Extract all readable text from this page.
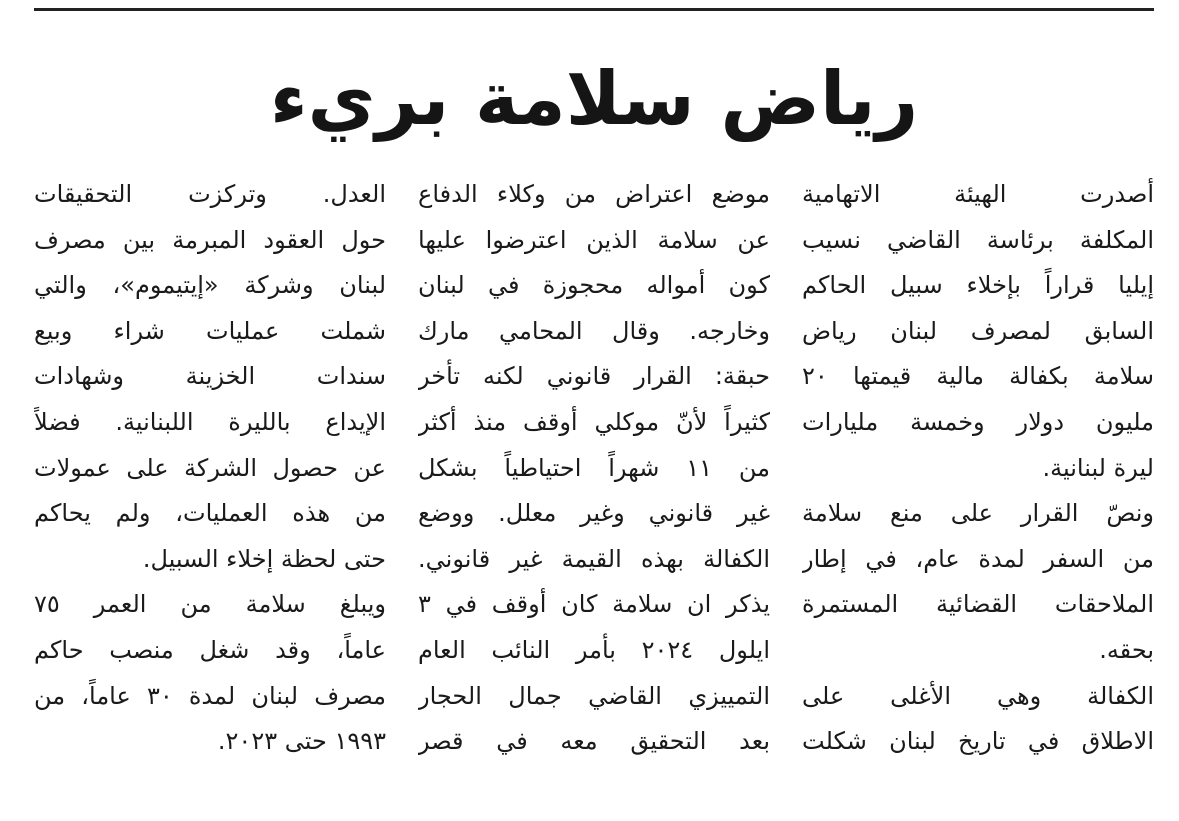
رياض سلامة بريء
أصدرت الهيئة الاتهامية
المكلفة برئاسة القاضي نسيب
إيليا قراراً بإخلاء سبيل الحاكم
السابق لمصرف لبنان رياض
سلامة بكفالة مالية قيمتها ٢٠
مليون دولار وخمسة مليارات
ليرة لبنانية.
ونصّ القرار على منع سلامة
من السفر لمدة عام، في إطار
الملاحقات القضائية المستمرة
بحقه.
الكفالة وهي الأغلى على
الاطلاق في تاريخ لبنان شكلت
موضع اعتراض من وكلاء الدفاع
عن سلامة الذين اعترضوا عليها
كون أمواله محجوزة في لبنان
وخارجه. وقال المحامي مارك
حبقة: القرار قانوني لكنه تأخر
كثيراً لأنّ موكلي أوقف منذ أكثر
من ١١ شهراً احتياطياً بشكل
غير قانوني وغير معلل. ووضع
الكفالة بهذه القيمة غير قانوني.
يذكر ان سلامة كان أوقف في ٣
ايلول ٢٠٢٤ بأمر النائب العام
التمييزي القاضي جمال الحجار
بعد التحقيق معه في قصر
العدل. وتركزت التحقيقات
حول العقود المبرمة بين مصرف
لبنان وشركة «إيتيموم»، والتي
شملت عمليات شراء وبيع
سندات الخزينة وشهادات
الإيداع بالليرة اللبنانية. فضلاً
عن حصول الشركة على عمولات
من هذه العمليات، ولم يحاكم
حتى لحظة إخلاء السبيل.
ويبلغ سلامة من العمر ٧٥
عاماً، وقد شغل منصب حاكم
مصرف لبنان لمدة ٣٠ عاماً، من
١٩٩٣ حتى ٢٠٢٣.
